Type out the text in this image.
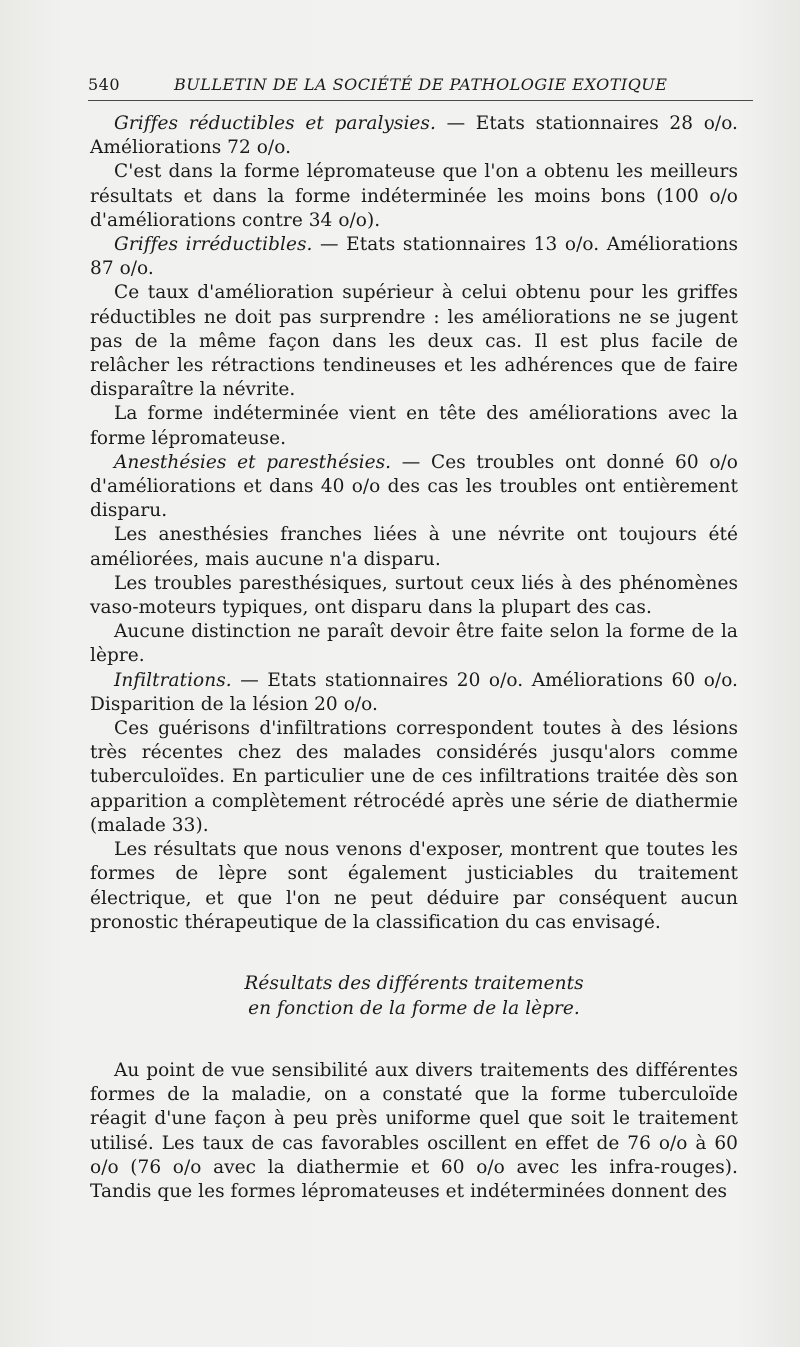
540	BULLETIN DE LA SOCIÉTÉ DE PATHOLOGIE EXOTIQUE

Griffes réductibles et paralysies. — Etats stationnaires 28 o/o. Améliorations 72 o/o.

C'est dans la forme lépromateuse que l'on a obtenu les meilleurs résultats et dans la forme indéterminée les moins bons (100 o/o d'améliorations contre 34 o/o).

Griffes irréductibles. — Etats stationnaires 13 o/o. Améliorations 87 o/o.

Ce taux d'amélioration supérieur à celui obtenu pour les griffes réductibles ne doit pas surprendre : les améliorations ne se jugent pas de la même façon dans les deux cas. Il est plus facile de relâcher les rétractions tendineuses et les adhérences que de faire disparaître la névrite.

La forme indéterminée vient en tête des améliorations avec la forme lépromateuse.

Anesthésies et paresthésies. — Ces troubles ont donné 60 o/o d'améliorations et dans 40 o/o des cas les troubles ont entièrement disparu.

Les anesthésies franches liées à une névrite ont toujours été améliorées, mais aucune n'a disparu.

Les troubles paresthésiques, surtout ceux liés à des phénomènes vaso-moteurs typiques, ont disparu dans la plupart des cas.

Aucune distinction ne paraît devoir être faite selon la forme de la lèpre.

Infiltrations. — Etats stationnaires 20 o/o. Améliorations 60 o/o. Disparition de la lésion 20 o/o.

Ces guérisons d'infiltrations correspondent toutes à des lésions très récentes chez des malades considérés jusqu'alors comme tuberculoïdes. En particulier une de ces infiltrations traitée dès son apparition a complètement rétrocédé après une série de diathermie (malade 33).

Les résultats que nous venons d'exposer, montrent que toutes les formes de lèpre sont également justiciables du traitement électrique, et que l'on ne peut déduire par conséquent aucun pronostic thérapeutique de la classification du cas envisagé.

Résultats des différents traitements
en fonction de la forme de la lèpre.

Au point de vue sensibilité aux divers traitements des différentes formes de la maladie, on a constaté que la forme tuberculoïde réagit d'une façon à peu près uniforme quel que soit le traitement utilisé. Les taux de cas favorables oscillent en effet de 76 o/o à 60 o/o (76 o/o avec la diathermie et 60 o/o avec les infra-rouges). Tandis que les formes lépromateuses et indéterminées donnent des
